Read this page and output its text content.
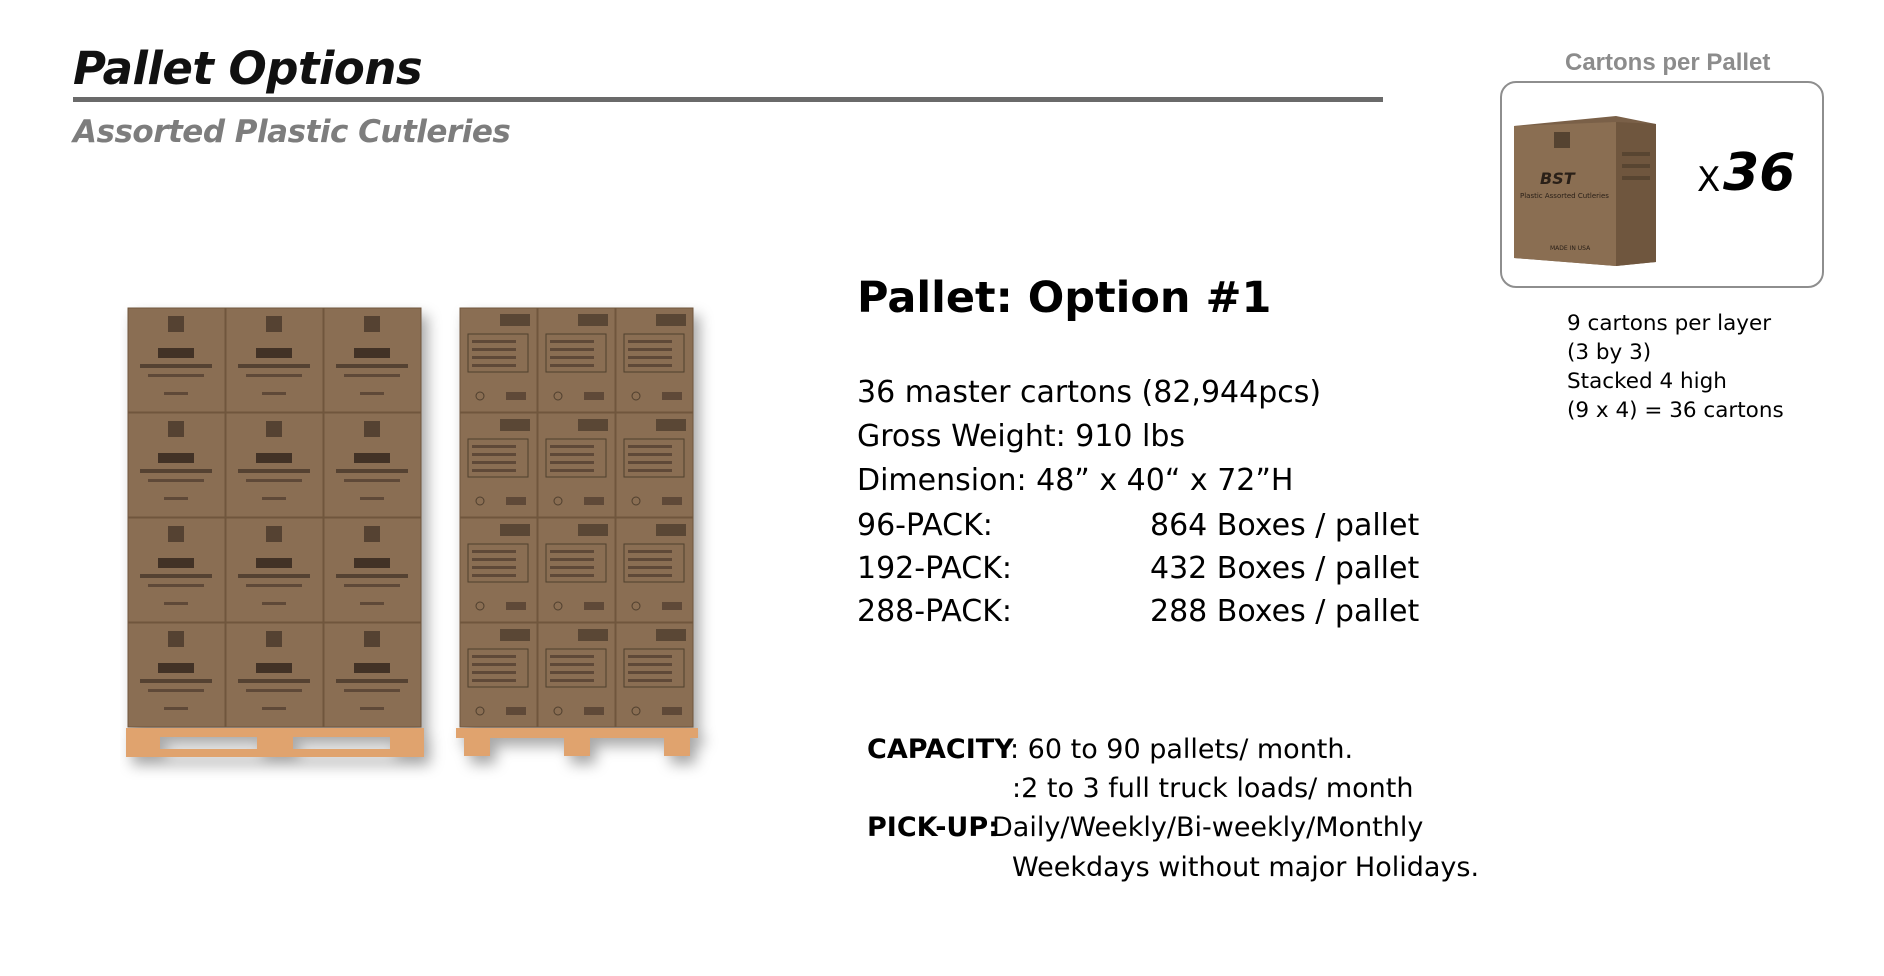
Pallet Options
Assorted Plastic Cutleries
Cartons per Pallet
BST
Plastic Assorted Cutleries
MADE IN USA
X 36
9 cartons per layer
(3 by 3)
Stacked 4 high
(9 x 4) = 36 cartons
Pallet: Option #1
36 master cartons (82,944pcs)
Gross Weight: 910 lbs
Dimension: 48” x 40“ x 72”H
96-PACK:	864 Boxes / pallet
192-PACK:	432 Boxes / pallet
288-PACK:	288 Boxes / pallet
CAPACITY
: 60 to 90 pallets/ month.
:2 to 3 full truck loads/ month
PICK-UP:
Daily/Weekly/Bi-weekly/Monthly
Weekdays without major Holidays.
